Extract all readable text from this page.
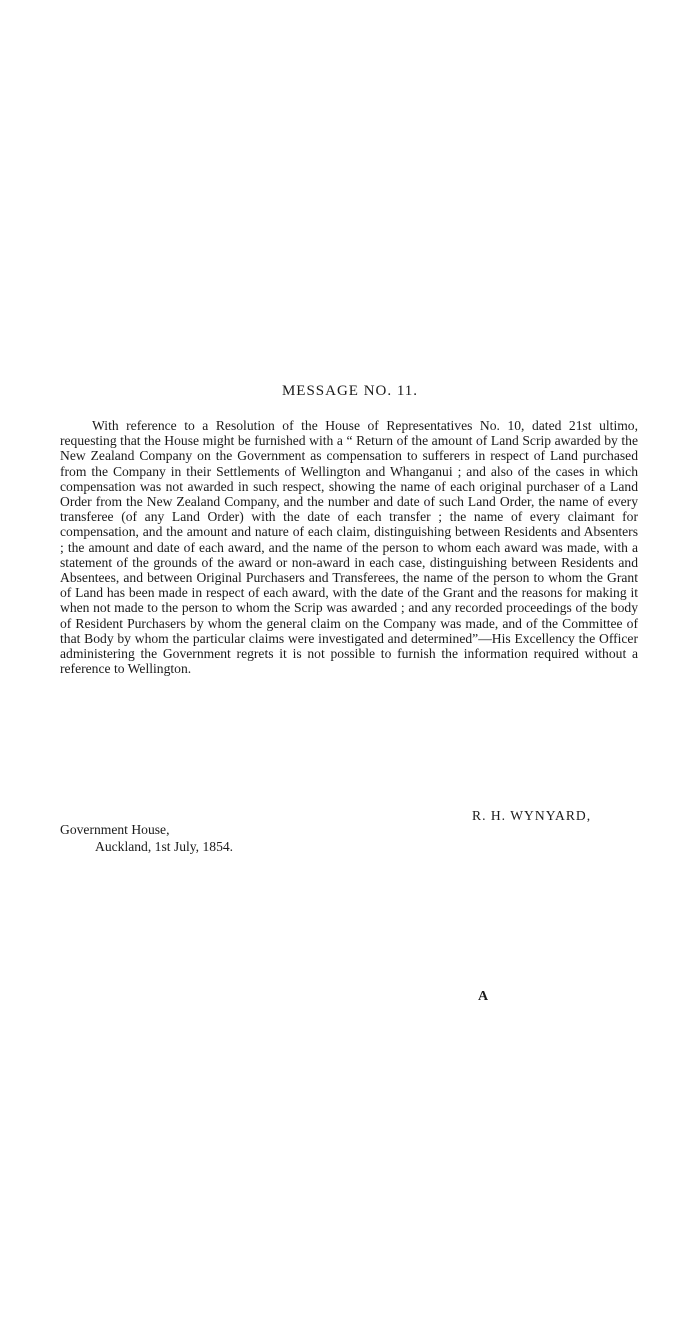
MESSAGE NO. 11.

With reference to a Resolution of the House of Representatives No. 10, dated 21st ultimo, requesting that the House might be furnished with a “ Return of the amount of Land Scrip awarded by the New Zealand Company on the Government as compensation to sufferers in respect of Land purchased from the Company in their Settlements of Wellington and Whanganui ; and also of the cases in which compensation was not awarded in such respect, showing the name of each original purchaser of a Land Order from the New Zealand Company, and the number and date of such Land Order, the name of every transferee (of any Land Order) with the date of each transfer ; the name of every claimant for compensation, and the amount and nature of each claim, distinguishing between Residents and Absenters ; the amount and date of each award, and the name of the person to whom each award was made, with a statement of the grounds of the award or non-award in each case, distinguishing between Residents and Absentees, and between Original Purchasers and Transferees, the name of the person to whom the Grant of Land has been made in respect of each award, with the date of the Grant and the reasons for making it when not made to the person to whom the Scrip was awarded ; and any recorded proceedings of the body of Resident Purchasers by whom the general claim on the Company was made, and of the Committee of that Body by whom the particular claims were investigated and determined”—His Excellency the Officer administering the Government regrets it is not possible to furnish the information required without a reference to Wellington.

R. H. WYNYARD,
Government House,
Auckland, 1st July, 1854.
A
